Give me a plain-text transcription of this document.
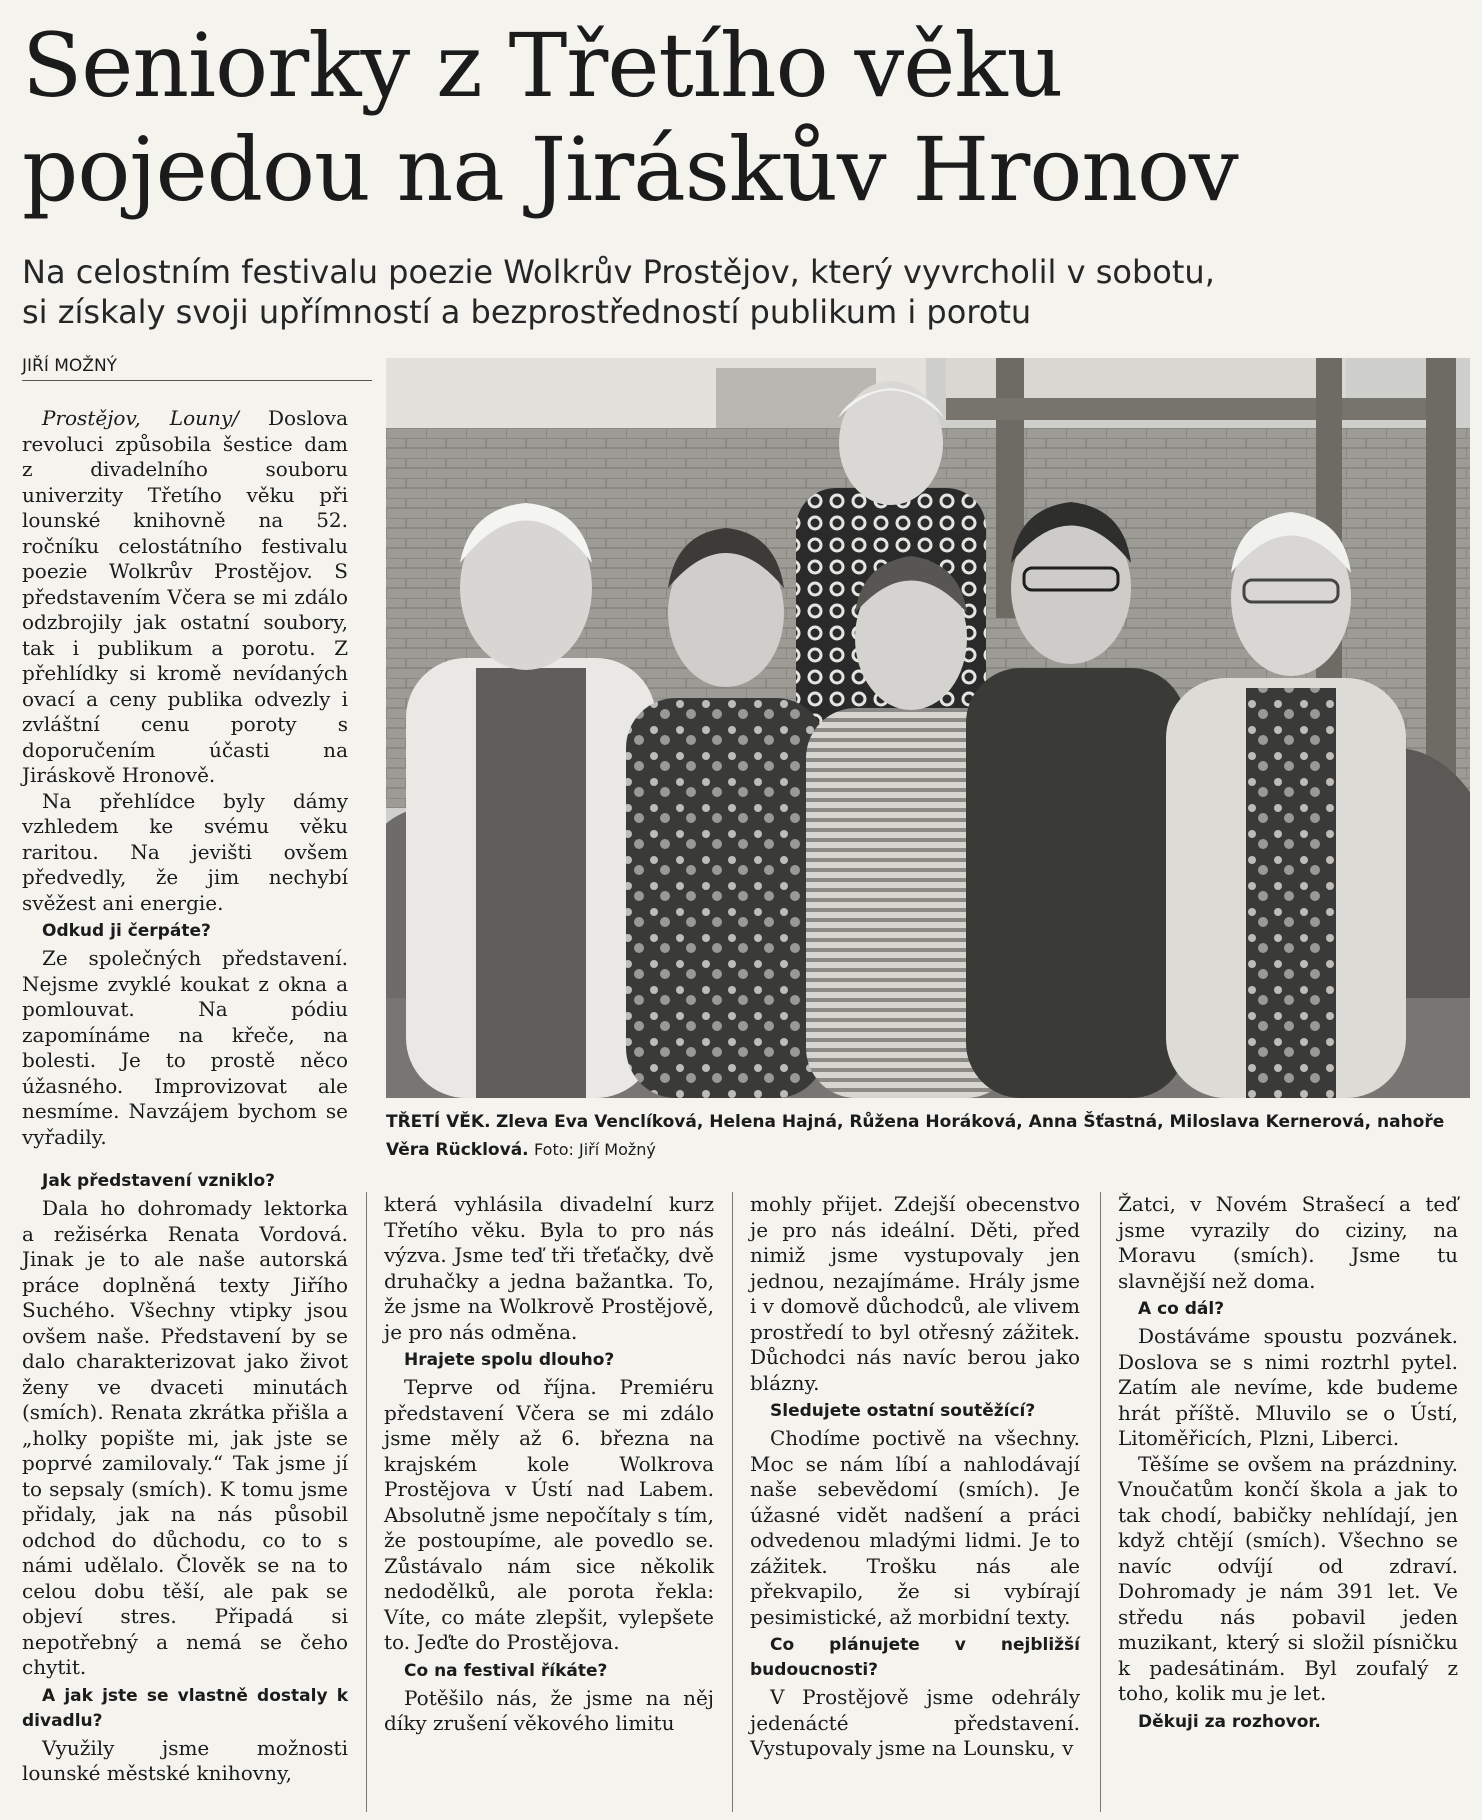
Seniorky z Třetího věku
pojedou na Jiráskův Hronov
Na celostním festivalu poezie Wolkrův Prostějov, který vyvrcholil v sobotu,
si získaly svoji upřímností a bezprostředností publikum i porotu
JIŘÍ MOŽNÝ
TŘETÍ VĚK. Zleva Eva Venclíková, Helena Hajná, Růžena Horáková, Anna Šťastná, Miloslava Kernerová, nahoře Věra Rücklová. Foto: Jiří Možný

Prostějov, Louny/ Doslova revoluci způsobila šestice dam z divadelního souboru univerzity Třetího věku při lounské knihovně na 52. ročníku celostátního festivalu poezie Wolkrův Prostějov. S představením Včera se mi zdálo odzbrojily jak ostatní soubory, tak i publikum a porotu. Z přehlídky si kromě nevídaných ovací a ceny publika odvezly i zvláštní cenu poroty s doporučením účasti na Jiráskově Hronově.

Na přehlídce byly dámy vzhledem ke svému věku raritou. Na jevišti ovšem předvedly, že jim nechybí svěžest ani energie.

Odkud ji čerpáte?

Ze společných představení. Nejsme zvyklé koukat z okna a pomlouvat. Na pódiu zapomínáme na křeče, na bolesti. Je to prostě něco úžasného. Improvizovat ale nesmíme. Navzájem bychom se vyřadily.

Jak představení vzniklo?

Dala ho dohromady lektorka a režisérka Renata Vordová. Jinak je to ale naše autorská práce doplněná texty Jiřího Suchého. Všechny vtipky jsou ovšem naše. Představení by se dalo charakterizovat jako život ženy ve dvaceti minutách (smích). Renata zkrátka přišla a „holky popište mi, jak jste se poprvé zamilovaly.“ Tak jsme jí to sepsaly (smích). K tomu jsme přidaly, jak na nás působil odchod do důchodu, co to s námi udělalo. Člověk se na to celou dobu těší, ale pak se objeví stres. Připadá si nepotřebný a nemá se čeho chytit.

A jak jste se vlastně dostaly k divadlu?

Využily jsme možnosti lounské městské knihovny,

která vyhlásila divadelní kurz Třetího věku. Byla to pro nás výzva. Jsme teď tři třeťačky, dvě druhačky a jedna bažantka. To, že jsme na Wolkrově Prostějově, je pro nás odměna.

Hrajete spolu dlouho?

Teprve od října. Premiéru představení Včera se mi zdálo jsme měly až 6. března na krajském kole Wolkrova Prostějova v Ústí nad Labem. Absolutně jsme nepočítaly s tím, že postoupíme, ale povedlo se. Zůstávalo nám sice několik nedodělků, ale porota řekla: Víte, co máte zlepšit, vylepšete to. Jeďte do Prostějova.

Co na festival říkáte?

Potěšilo nás, že jsme na něj díky zrušení věkového limitu

mohly přijet. Zdejší obecenstvo je pro nás ideální. Děti, před nimiž jsme vystupovaly jen jednou, nezajímáme. Hrály jsme i v domově důchodců, ale vlivem prostředí to byl otřesný zážitek. Důchodci nás navíc berou jako blázny.

Sledujete ostatní soutěžící?

Chodíme poctivě na všechny. Moc se nám líbí a nahlodávají naše sebevědomí (smích). Je úžasné vidět nadšení a práci odvedenou mladými lidmi. Je to zážitek. Trošku nás ale překvapilo, že si vybírají pesimistické, až morbidní texty.

Co plánujete v nejbližší budoucnosti?

V Prostějově jsme odehrály jedenácté představení. Vystupovaly jsme na Lounsku, v

Žatci, v Novém Strašecí a teď jsme vyrazily do ciziny, na Moravu (smích). Jsme tu slavnější než doma.

A co dál?

Dostáváme spoustu pozvánek. Doslova se s nimi roztrhl pytel. Zatím ale nevíme, kde budeme hrát příště. Mluvilo se o Ústí, Litoměřicích, Plzni, Liberci.

Těšíme se ovšem na prázdniny. Vnoučatům končí škola a jak to tak chodí, babičky nehlídají, jen když chtějí (smích). Všechno se navíc odvíjí od zdraví. Dohromady je nám 391 let. Ve středu nás pobavil jeden muzikant, který si složil písničku k padesátinám. Byl zoufalý z toho, kolik mu je let.

Děkuji za rozhovor.
